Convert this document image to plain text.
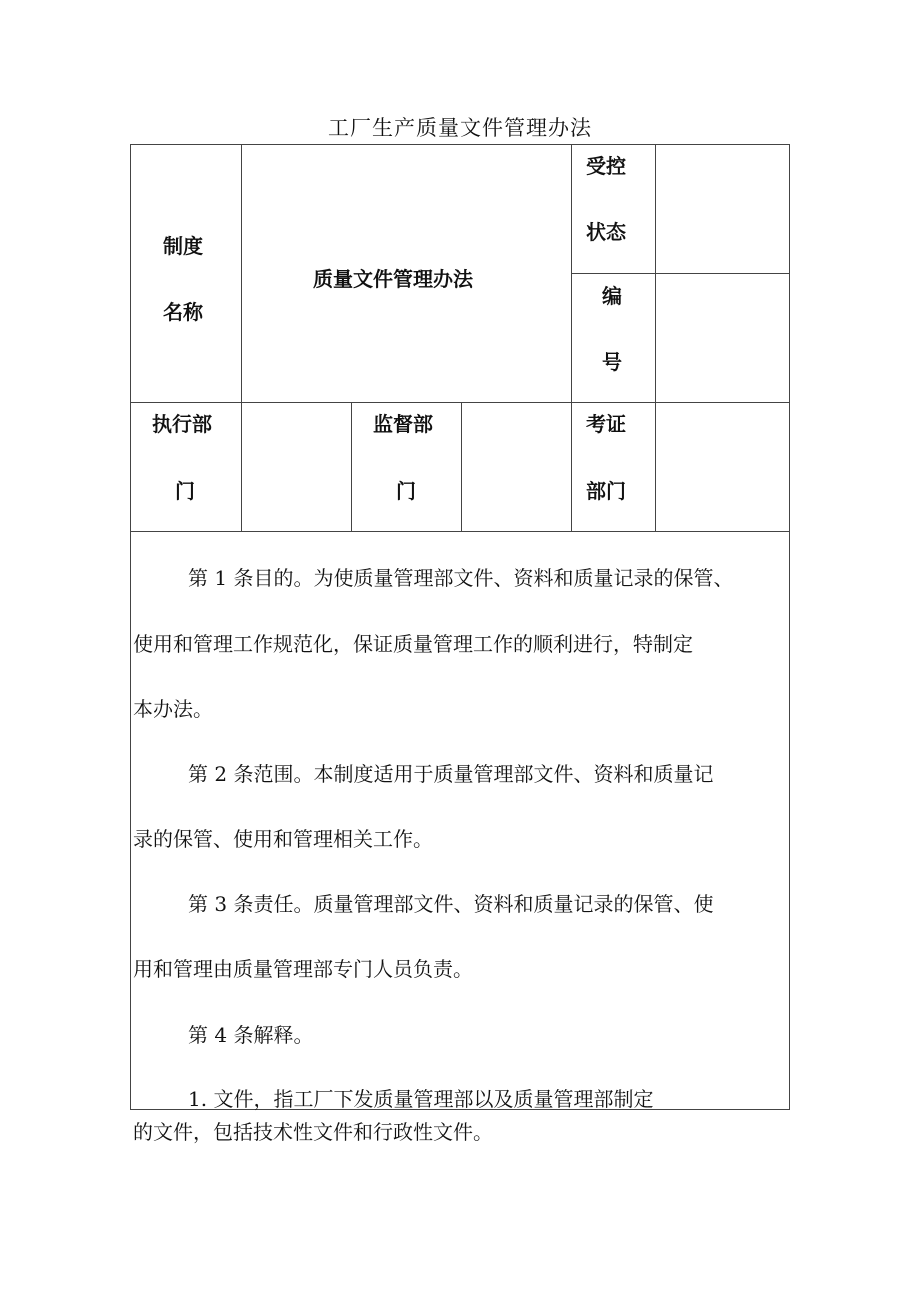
工厂生产质量文件管理办法
制度
名称
质量文件管理办法
受控
状态
编
号
执行部
门
监督部
门
考证
部门
第 1 条目的。为使质量管理部文件、资料和质量记录的保管、
使用和管理工作规范化，保证质量管理工作的顺利进行，特制定
本办法。
第 2 条范围。本制度适用于质量管理部文件、资料和质量记
录的保管、使用和管理相关工作。
第 3 条责任。质量管理部文件、资料和质量记录的保管、使
用和管理由质量管理部专门人员负责。
第 4 条解释。
1. 文件，指工厂下发质量管理部以及质量管理部制定
的文件，包括技术性文件和行政性文件。
